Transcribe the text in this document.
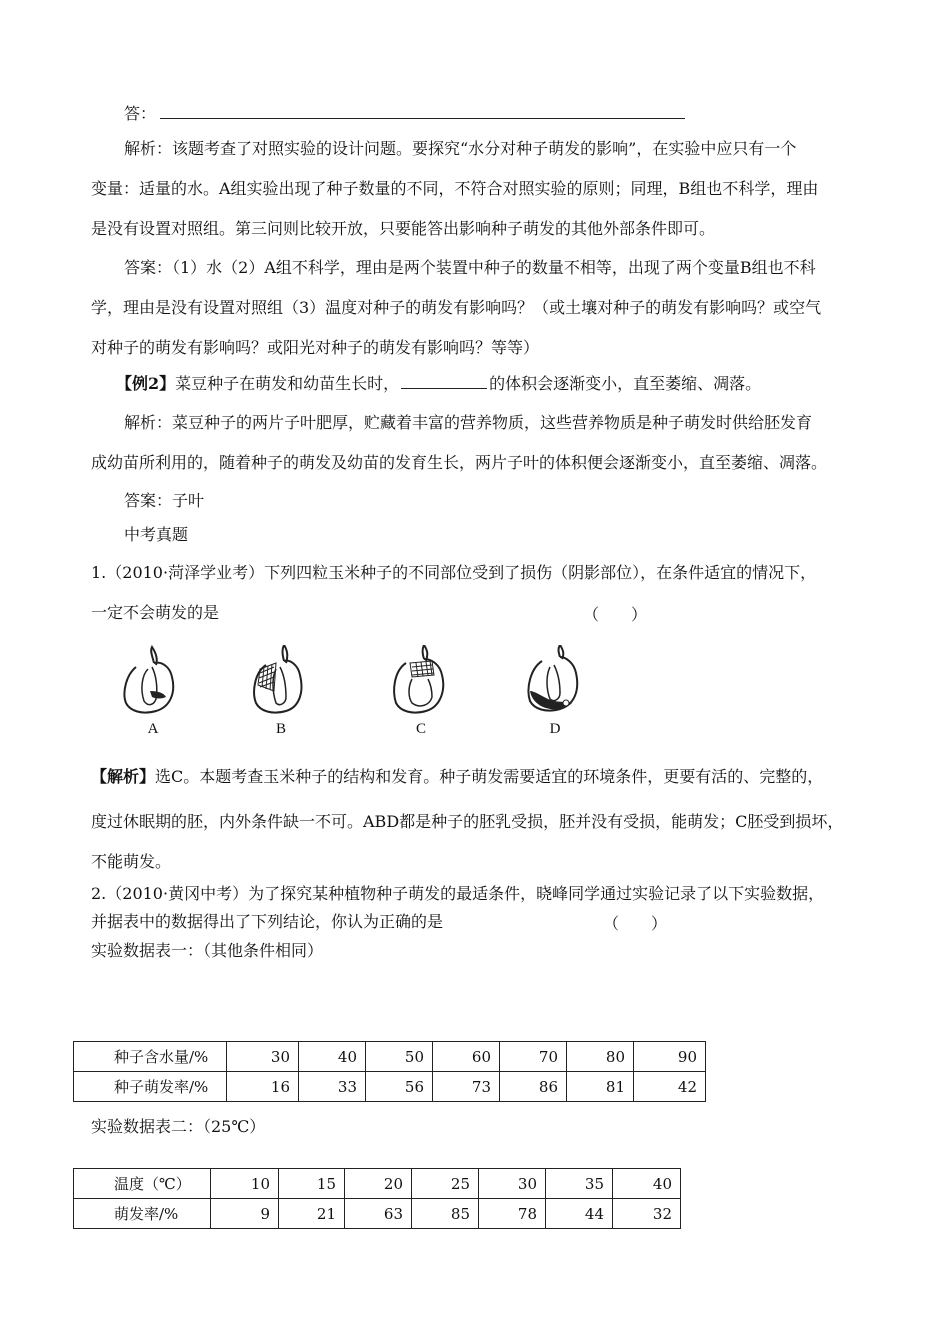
答：
解析：该题考查了对照实验的设计问题。要探究“水分对种子萌发的影响”，在实验中应只有一个
变量：适量的水。A组实验出现了种子数量的不同，不符合对照实验的原则；同理，B组也不科学，理由
是没有设置对照组。第三问则比较开放，只要能答出影响种子萌发的其他外部条件即可。
答案：（1）水（2）A组不科学，理由是两个装置中种子的数量不相等，出现了两个变量B组也不科
学，理由是没有设置对照组（3）温度对种子的萌发有影响吗？（或土壤对种子的萌发有影响吗？或空气
对种子的萌发有影响吗？或阳光对种子的萌发有影响吗？等等）
【例2】菜豆种子在萌发和幼苗生长时，	的体积会逐渐变小，直至萎缩、凋落。
解析：菜豆种子的两片子叶肥厚，贮藏着丰富的营养物质，这些营养物质是种子萌发时供给胚发育
成幼苗所利用的，随着种子的萌发及幼苗的发育生长，两片子叶的体积便会逐渐变小，直至萎缩、凋落。
答案：子叶
中考真题
1.（2010·菏泽学业考）下列四粒玉米种子的不同部位受到了损伤（阴影部位），在条件适宜的情况下，
一定不会萌发的是	（　　）
A	B	C	D
【解析】选C。本题考查玉米种子的结构和发育。种子萌发需要适宜的环境条件，更要有活的、完整的，
度过休眠期的胚，内外条件缺一不可。ABD都是种子的胚乳受损，胚并没有受损，能萌发；C胚受到损坏，
不能萌发。
2.（2010·黄冈中考）为了探究某种植物种子萌发的最适条件，晓峰同学通过实验记录了以下实验数据，
并据表中的数据得出了下列结论，你认为正确的是	（　　）
实验数据表一：（其他条件相同）
种子含水量/%	30	40	50	60	70	80	90
种子萌发率/%	16	33	56	73	86	81	42
实验数据表二：（25℃）
温度（℃）	10	15	20	25	30	35	40
萌发率/%	9	21	63	85	78	44	32
